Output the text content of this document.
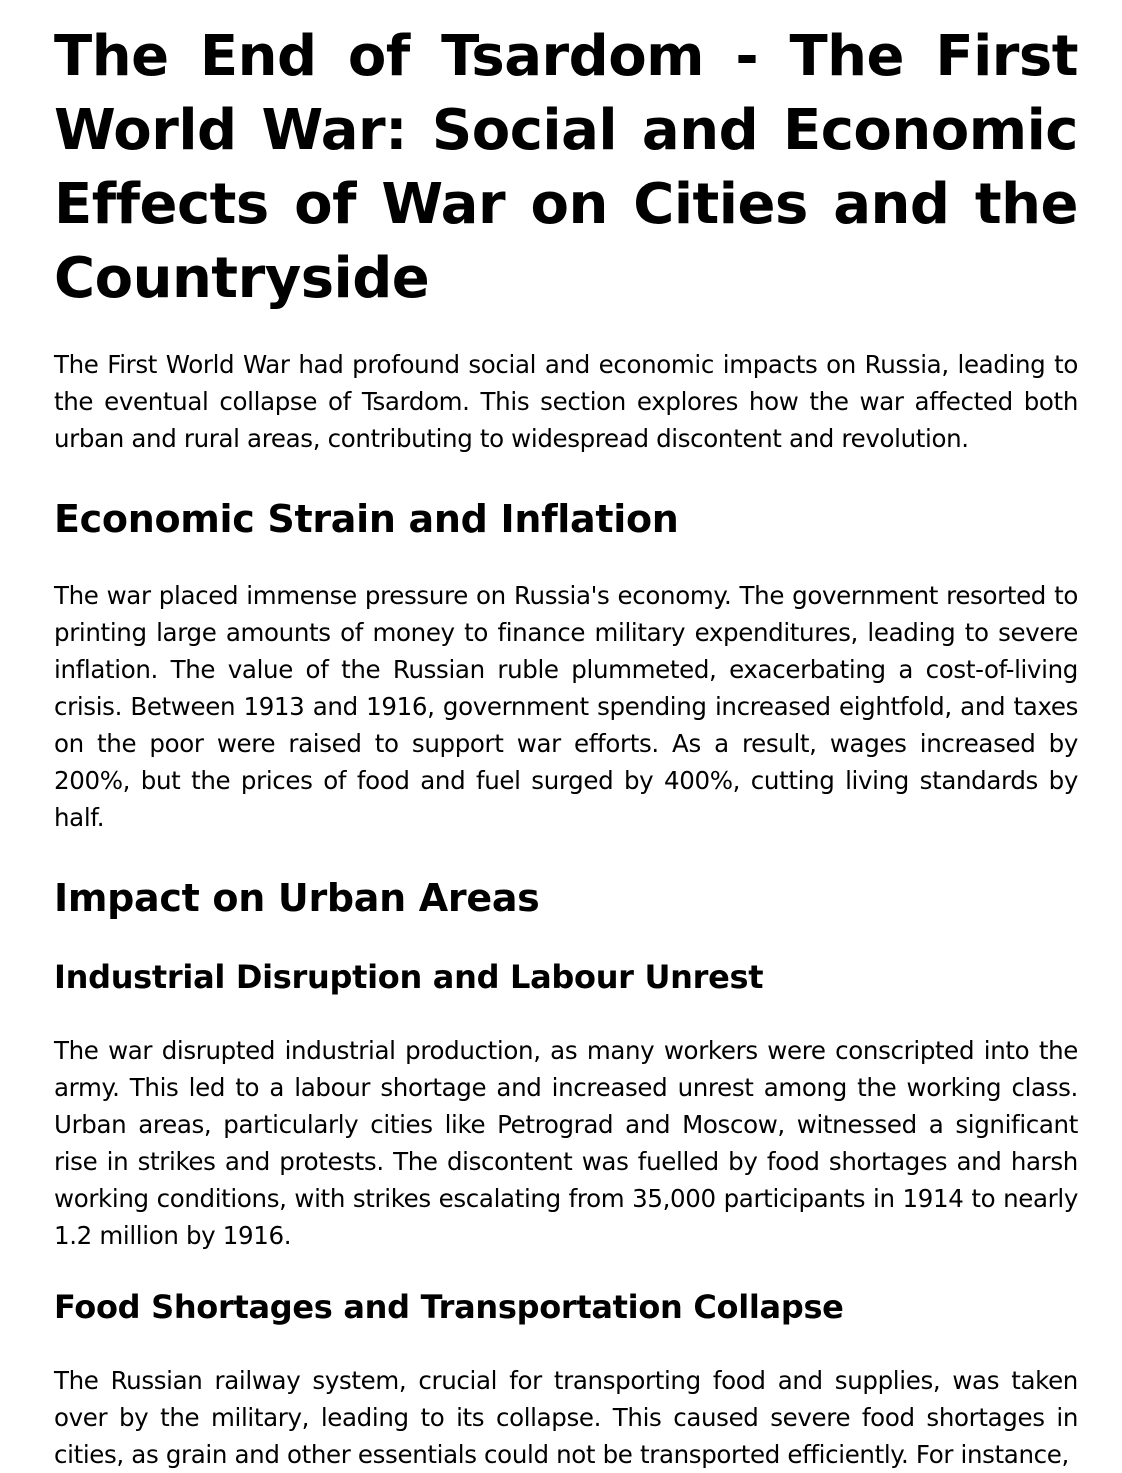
The End of Tsardom - The First World War: Social and Economic Effects of War on Cities and the Countryside

The First World War had profound social and economic impacts on Russia, leading to the eventual collapse of Tsardom. This section explores how the war affected both urban and rural areas, contributing to widespread discontent and revolution.

Economic Strain and Inflation

The war placed immense pressure on Russia's economy. The government resorted to printing large amounts of money to finance military expenditures, leading to severe inflation. The value of the Russian ruble plummeted, exacerbating a cost-of-living crisis. Between 1913 and 1916, government spending increased eightfold, and taxes on the poor were raised to support war efforts. As a result, wages increased by 200%, but the prices of food and fuel surged by 400%, cutting living standards by half.

Impact on Urban Areas
Industrial Disruption and Labour Unrest

The war disrupted industrial production, as many workers were conscripted into the army. This led to a labour shortage and increased unrest among the working class. Urban areas, particularly cities like Petrograd and Moscow, witnessed a significant rise in strikes and protests. The discontent was fuelled by food shortages and harsh working conditions, with strikes escalating from 35,000 participants in 1914 to nearly 1.2 million by 1916.

Food Shortages and Transportation Collapse

The Russian railway system, crucial for transporting food and supplies, was taken over by the military, leading to its collapse. This caused severe food shortages in cities, as grain and other essentials could not be transported efficiently. For instance,
